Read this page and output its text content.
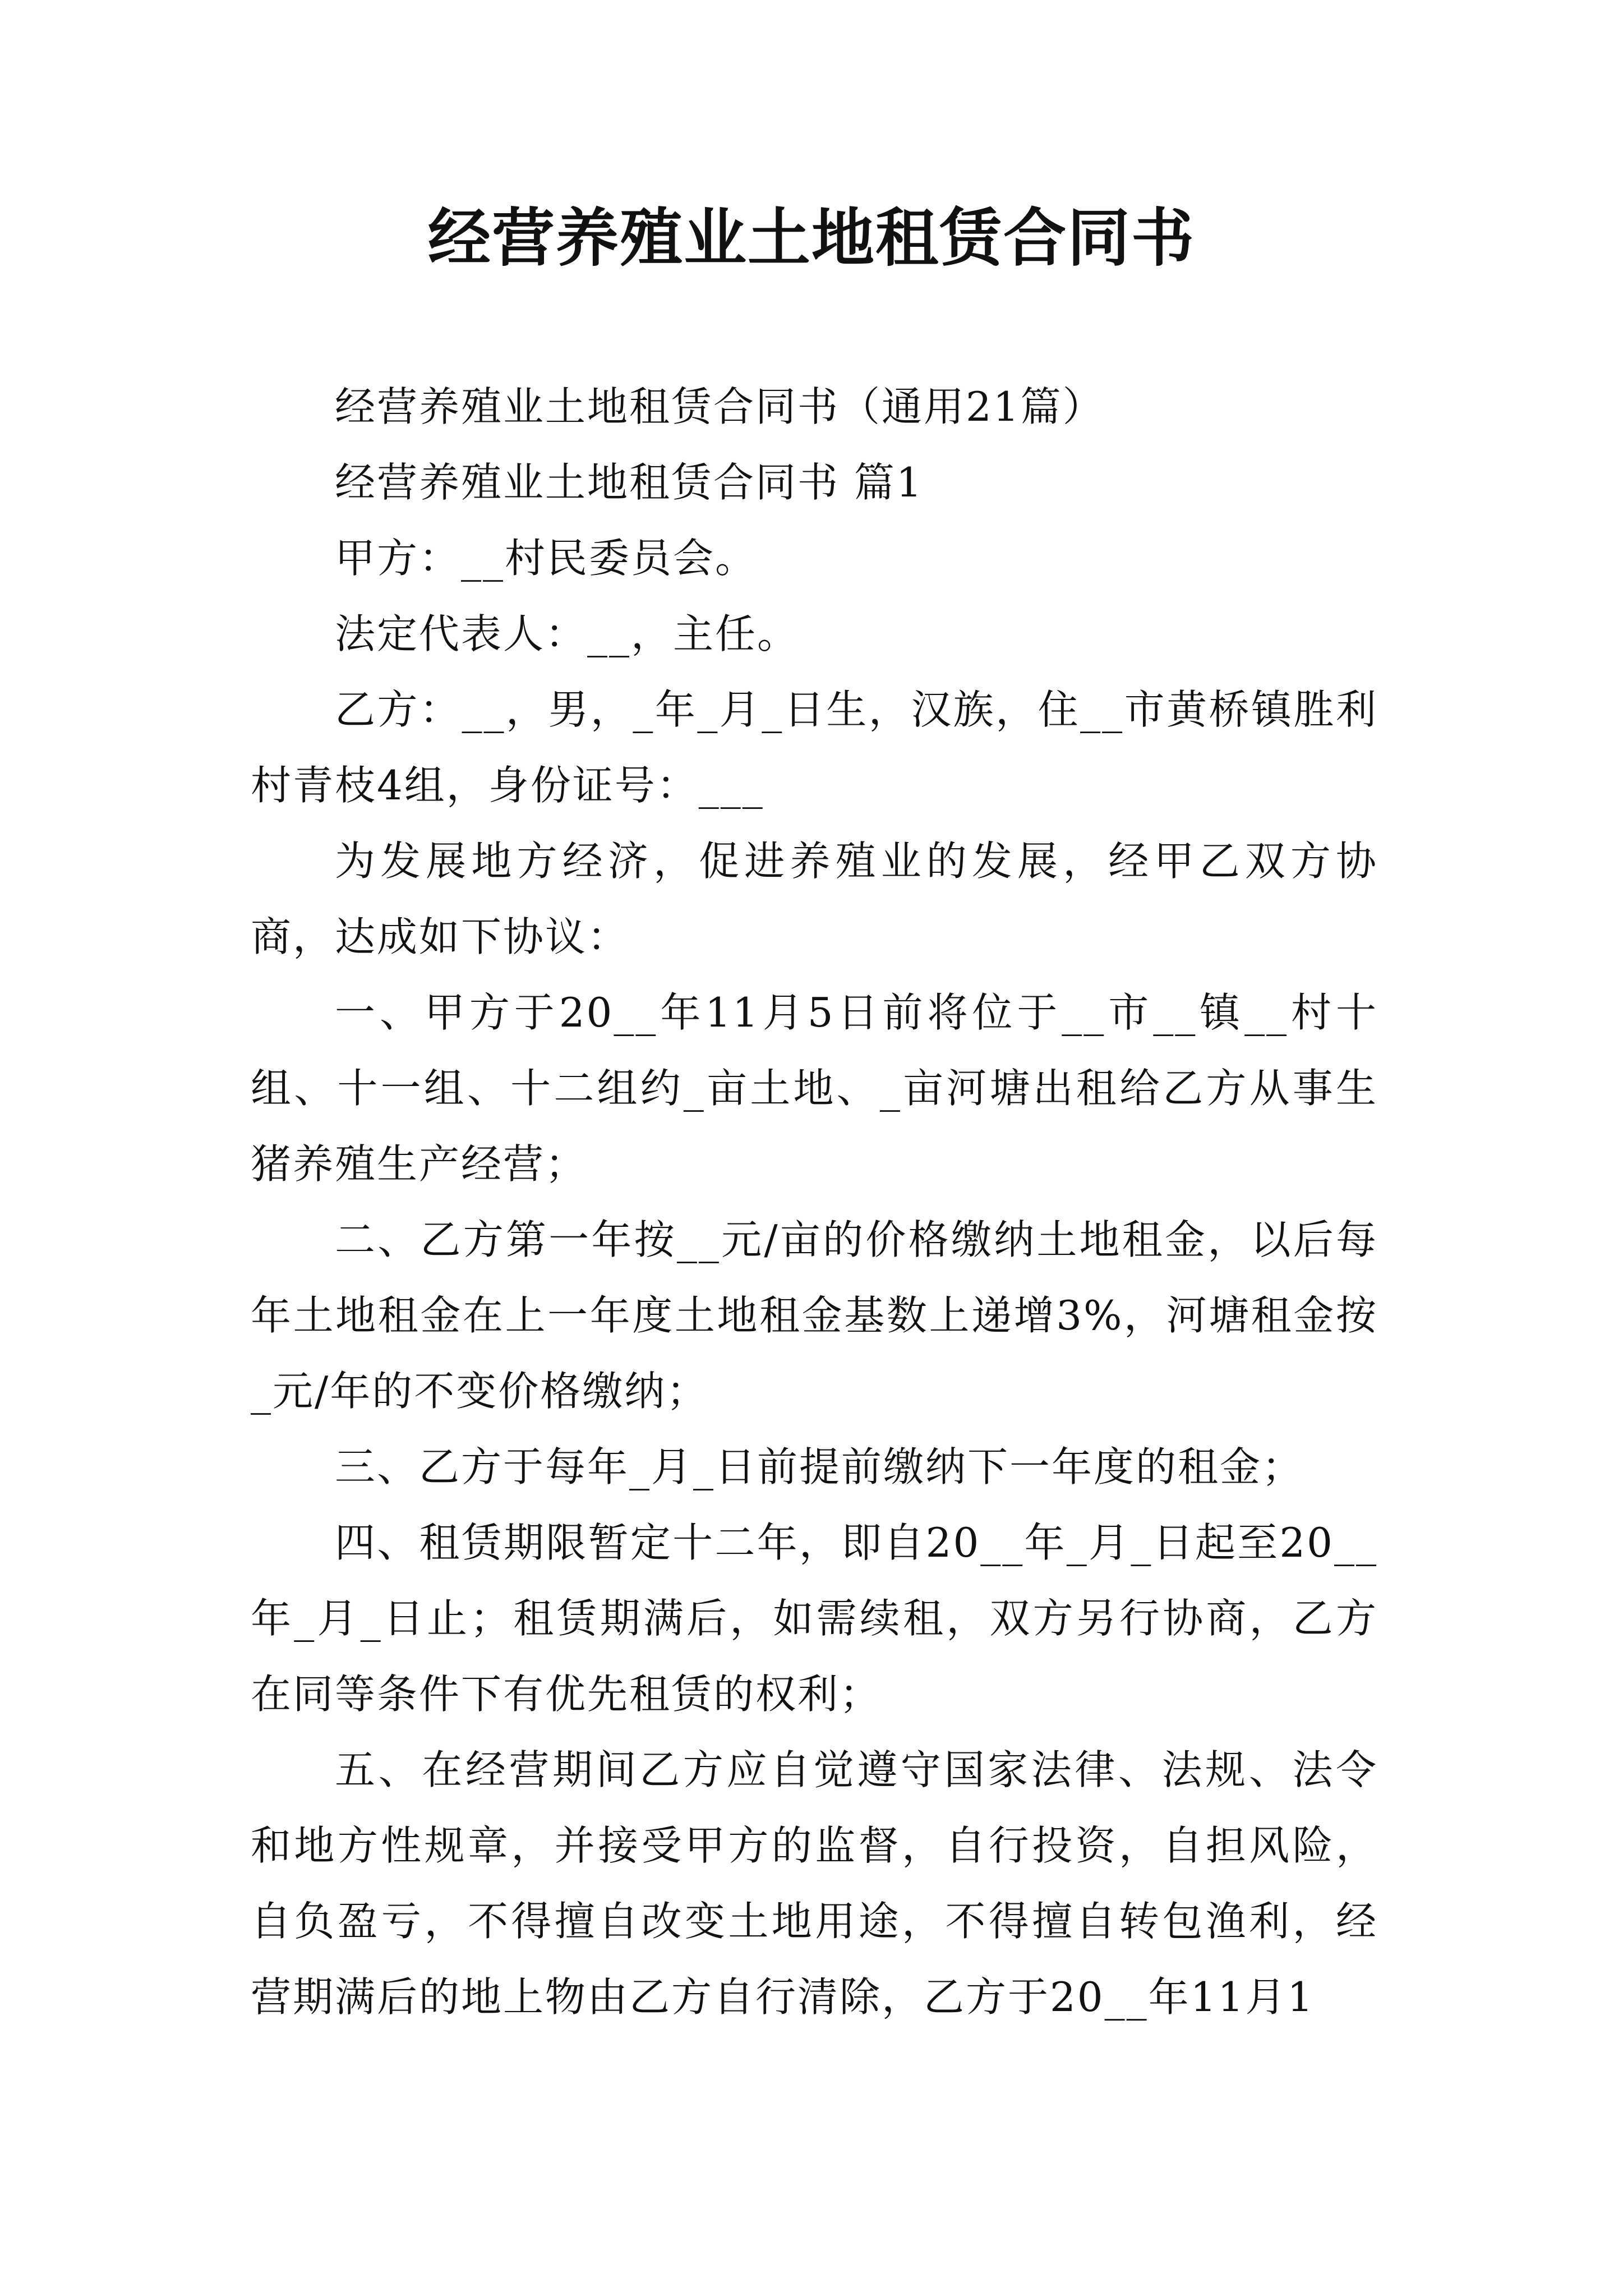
经营养殖业土地租赁合同书

经营养殖业土地租赁合同书（通用21篇）

经营养殖业土地租赁合同书 篇1

甲方：__村民委员会。

法定代表人：__，主任。

乙方：__，男，_年_月_日生，汉族，住__市黄桥镇胜利村青枝4组，身份证号：___

为发展地方经济，促进养殖业的发展，经甲乙双方协商，达成如下协议：

一、甲方于20__年11月5日前将位于__市__镇__村十组、十一组、十二组约_亩土地、_亩河塘出租给乙方从事生猪养殖生产经营；

二、乙方第一年按__元/亩的价格缴纳土地租金，以后每年土地租金在上一年度土地租金基数上递增3%，河塘租金按_元/年的不变价格缴纳；

三、乙方于每年_月_日前提前缴纳下一年度的租金；

四、租赁期限暂定十二年，即自20__年_月_日起至20__年_月_日止；租赁期满后，如需续租，双方另行协商，乙方在同等条件下有优先租赁的权利；

五、在经营期间乙方应自觉遵守国家法律、法规、法令和地方性规章，并接受甲方的监督，自行投资，自担风险，自负盈亏，不得擅自改变土地用途，不得擅自转包渔利，经营期满后的地上物由乙方自行清除，乙方于20__年11月1
